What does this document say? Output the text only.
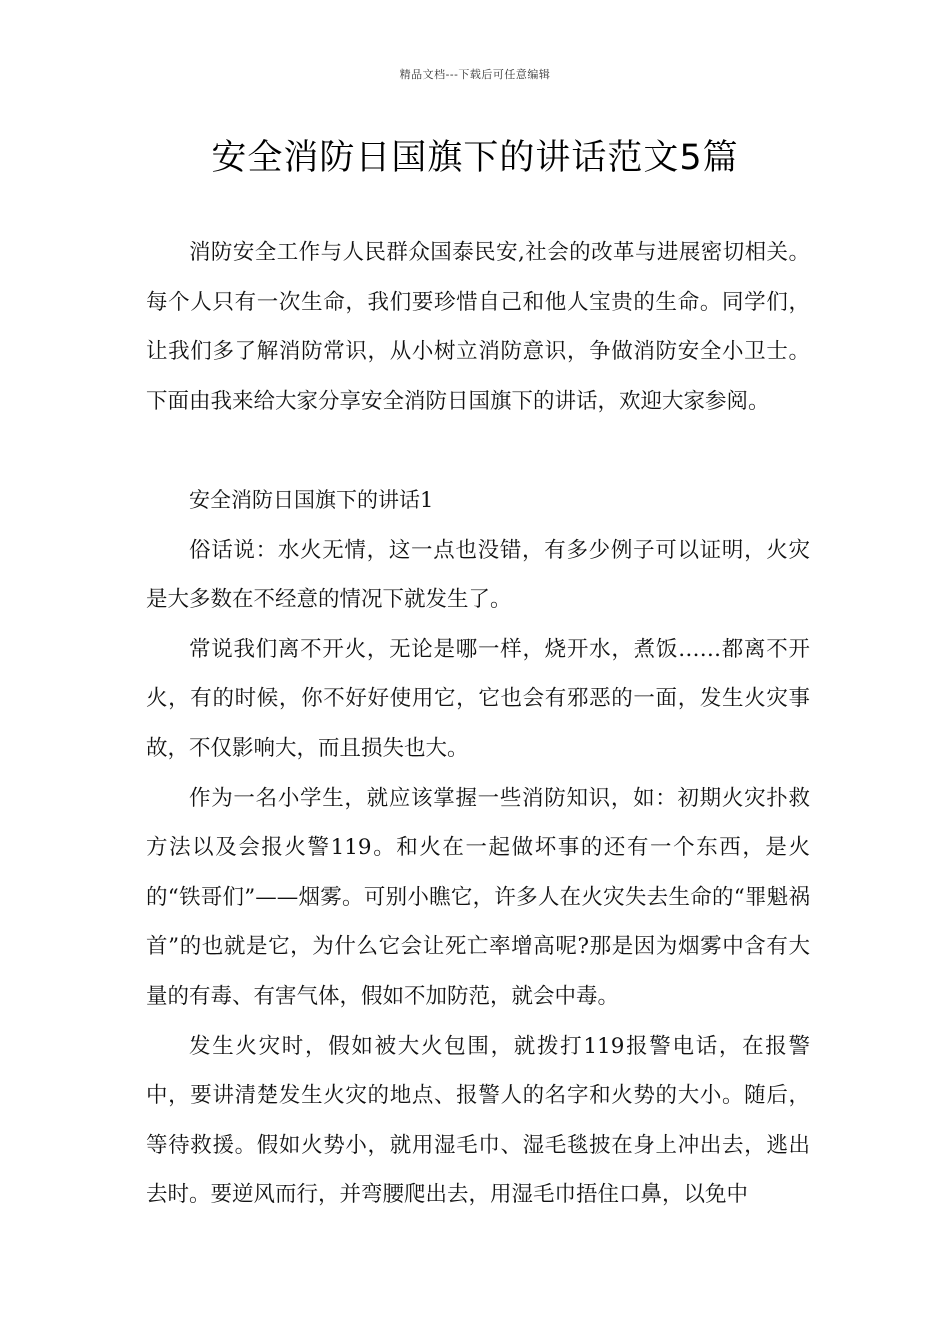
精品文档---下载后可任意编辑
安全消防日国旗下的讲话范文5篇

消防安全工作与人民群众国泰民安,社会的改革与进展密切相关。每个人只有一次生命，我们要珍惜自己和他人宝贵的生命。同学们，让我们多了解消防常识，从小树立消防意识，争做消防安全小卫士。下面由我来给大家分享安全消防日国旗下的讲话，欢迎大家参阅。

安全消防日国旗下的讲话1

俗话说：水火无情，这一点也没错，有多少例子可以证明，火灾是大多数在不经意的情况下就发生了。

常说我们离不开火，无论是哪一样，烧开水，煮饭……都离不开火，有的时候，你不好好使用它，它也会有邪恶的一面，发生火灾事故，不仅影响大，而且损失也大。

作为一名小学生，就应该掌握一些消防知识，如：初期火灾扑救方法以及会报火警119。和火在一起做坏事的还有一个东西，是火的“铁哥们”——烟雾。可别小瞧它，许多人在火灾失去生命的“罪魁祸首”的也就是它，为什么它会让死亡率增高呢?那是因为烟雾中含有大量的有毒、有害气体，假如不加防范，就会中毒。

发生火灾时，假如被大火包围，就拨打119报警电话，在报警中，要讲清楚发生火灾的地点、报警人的名字和火势的大小。随后，等待救援。假如火势小，就用湿毛巾、湿毛毯披在身上冲出去，逃出去时。要逆风而行，并弯腰爬出去，用湿毛巾捂住口鼻，以免中
